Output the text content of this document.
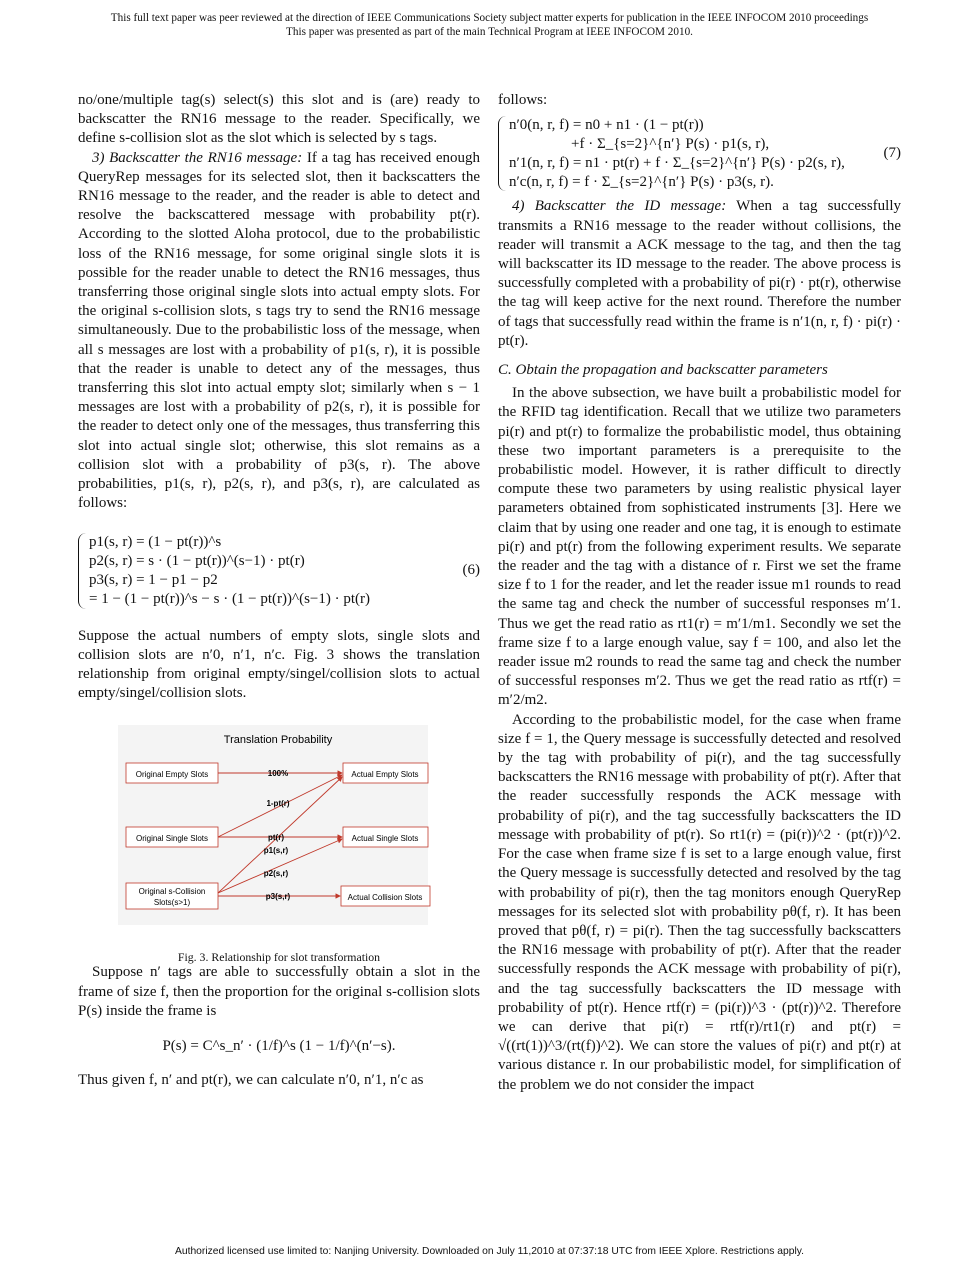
This full text paper was peer reviewed at the direction of IEEE Communications Society subject matter experts for publication in the IEEE INFOCOM 2010 proceedings
This paper was presented as part of the main Technical Program at IEEE INFOCOM 2010.

no/one/multiple tag(s) select(s) this slot and is (are) ready to backscatter the RN16 message to the reader. Specifically, we define s-collision slot as the slot which is selected by s tags.

3) Backscatter the RN16 message: If a tag has received enough QueryRep messages for its selected slot, then it backscatters the RN16 message to the reader, and the reader is able to detect and resolve the backscattered message with probability pt(r). According to the slotted Aloha protocol, due to the probabilistic loss of the RN16 message, for some original single slots it is possible for the reader unable to detect the RN16 messages, thus transferring those original single slots into actual empty slots. For the original s-collision slots, s tags try to send the RN16 message simultaneously. Due to the probabilistic loss of the message, when all s messages are lost with a probability of p1(s, r), it is possible that the reader is unable to detect any of the messages, thus transferring this slot into actual empty slot; similarly when s − 1 messages are lost with a probability of p2(s, r), it is possible for the reader to detect only one of the messages, thus transferring this slot into actual single slot; otherwise, this slot remains as a collision slot with a probability of p3(s, r). The above probabilities, p1(s, r), p2(s, r), and p3(s, r), are calculated as follows:

p1(s, r) = (1 − pt(r))^s
p2(s, r) = s · (1 − pt(r))^(s−1) · pt(r)
p3(s, r) = 1 − p1 − p2
= 1 − (1 − pt(r))^s − s · (1 − pt(r))^(s−1) · pt(r)
(6)

Suppose the actual numbers of empty slots, single slots and collision slots are n′0, n′1, n′c. Fig. 3 shows the translation relationship from original empty/singel/collision slots to actual empty/singel/collision slots.

Translation Probability
Original Empty Slots
Original Single Slots
Original s-Collision
Slots(s>1)
Actual Empty Slots
Actual Single Slots
Actual Collision Slots
100%
1-pt(r)
pt(r)
p1(s,r)
p2(s,r)
p3(s,r)
Fig. 3. Relationship for slot transformation

Suppose n′ tags are able to successfully obtain a slot in the frame of size f, then the proportion for the original s-collision slots P(s) inside the frame is

P(s) = C^s_n′ · (1/f)^s (1 − 1/f)^(n′−s).

Thus given f, n′ and pt(r), we can calculate n′0, n′1, n′c as

follows:

n′0(n, r, f) = n0 + n1 · (1 − pt(r))
+f · Σ_{s=2}^{n′} P(s) · p1(s, r),
n′1(n, r, f) = n1 · pt(r) + f · Σ_{s=2}^{n′} P(s) · p2(s, r),
n′c(n, r, f) = f · Σ_{s=2}^{n′} P(s) · p3(s, r).
(7)

4) Backscatter the ID message: When a tag successfully transmits a RN16 message to the reader without collisions, the reader will transmit a ACK message to the tag, and then the tag will backscatter its ID message to the reader. The above process is successfully completed with a probability of pi(r) · pt(r), otherwise the tag will keep active for the next round. Therefore the number of tags that successfully read within the frame is n′1(n, r, f) · pi(r) · pt(r).

C. Obtain the propagation and backscatter parameters

In the above subsection, we have built a probabilistic model for the RFID tag identification. Recall that we utilize two parameters pi(r) and pt(r) to formalize the probabilistic model, thus obtaining these two important parameters is a prerequisite to the probabilistic model. However, it is rather difficult to directly compute these two parameters by using realistic physical layer parameters obtained from sophisticated instruments [3]. Here we claim that by using one reader and one tag, it is enough to estimate pi(r) and pt(r) from the following experiment results. We separate the reader and the tag with a distance of r. First we set the frame size f to 1 for the reader, and let the reader issue m1 rounds to read the same tag and check the number of successful responses m′1. Thus we get the read ratio as rt1(r) = m′1/m1. Secondly we set the frame size f to a large enough value, say f = 100, and also let the reader issue m2 rounds to read the same tag and check the number of successful responses m′2. Thus we get the read ratio as rtf(r) = m′2/m2.

According to the probabilistic model, for the case when frame size f = 1, the Query message is successfully detected and resolved by the tag with probability of pi(r), and the tag successfully backscatters the RN16 message with probability of pt(r). After that the reader successfully responds the ACK message with probability of pi(r), and the tag successfully backscatters the ID message with probability of pt(r). So rt1(r) = (pi(r))^2 · (pt(r))^2. For the case when frame size f is set to a large enough value, first the Query message is successfully detected and resolved by the tag with probability of pi(r), then the tag monitors enough QueryRep messages for its selected slot with probability pθ(f, r). It has been proved that pθ(f, r) = pi(r). Then the tag successfully backscatters the RN16 message with probability of pt(r). After that the reader successfully responds the ACK message with probability of pi(r), and the tag successfully backscatters the ID message with probability of pt(r). Hence rtf(r) = (pi(r))^3 · (pt(r))^2. Therefore we can derive that pi(r) = rtf(r)/rt1(r) and pt(r) = √((rt(1))^3/(rt(f))^2). We can store the values of pi(r) and pt(r) at various distance r. In our probabilistic model, for simplification of the problem we do not consider the impact

Authorized licensed use limited to: Nanjing University. Downloaded on July 11,2010 at 07:37:18 UTC from IEEE Xplore. Restrictions apply.
